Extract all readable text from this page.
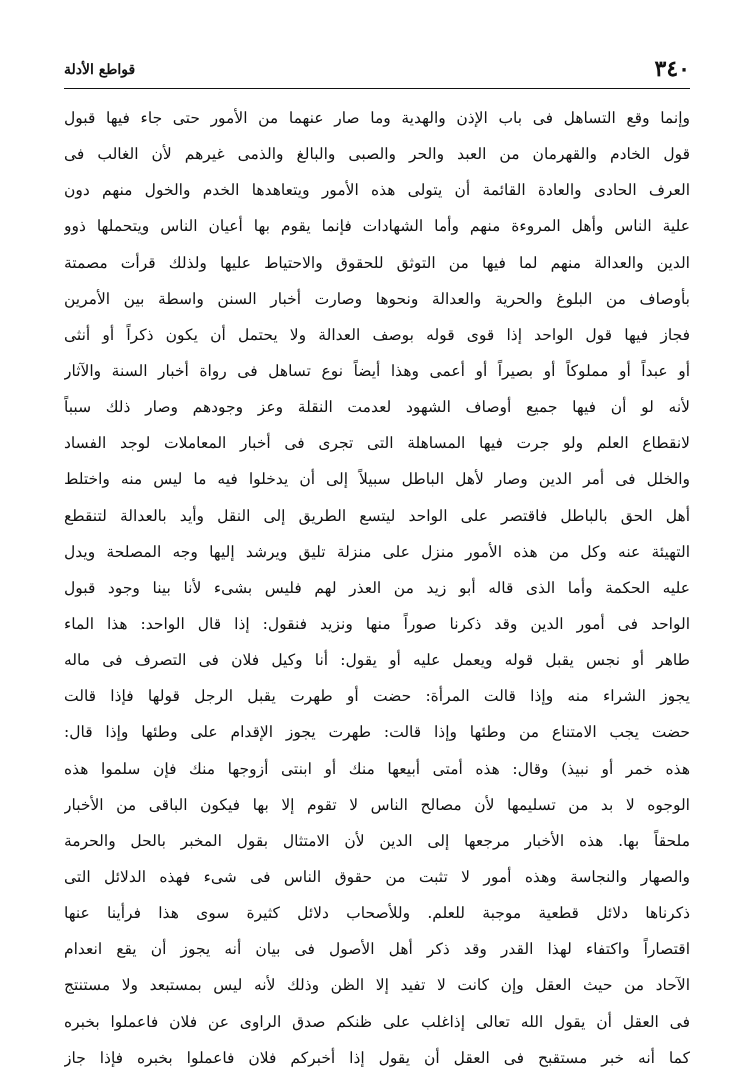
٣٤٠
قواطع الأدلة
وإنما وقع التساهل فى باب الإذن والهدية وما صار عنهما من الأمور حتى جاء فيها قبول
قول الخادم والقهرمان من العبد والحر والصبى والبالغ والذمى غيرهم لأن الغالب فى
العرف الحادى والعادة القائمة أن يتولى هذه الأمور ويتعاهدها الخدم والخول منهم دون
علية الناس وأهل المروءة منهم وأما الشهادات فإنما يقوم بها أعيان الناس ويتحملها ذوو
الدين والعدالة منهم لما فيها من التوثق للحقوق والاحتياط عليها ولذلك قرأت مصمتة
بأوصاف من البلوغ والحرية والعدالة ونحوها وصارت أخبار السنن واسطة بين الأمرين
فجاز فيها قول الواحد إذا قوى قوله بوصف العدالة ولا يحتمل أن يكون ذكراً أو أنثى
أو عبداً أو مملوكاً أو بصيراً أو أعمى وهذا أيضاً نوع تساهل فى رواة أخبار السنة والآثار
لأنه لو أن فيها جميع أوصاف الشهود لعدمت النقلة وعز وجودهم وصار ذلك سبباً
لانقطاع العلم ولو جرت فيها المساهلة التى تجرى فى أخبار المعاملات لوجد الفساد
والخلل فى أمر الدين وصار لأهل الباطل سبيلاً إلى أن يدخلوا فيه ما ليس منه واختلط
أهل الحق بالباطل فاقتصر على الواحد ليتسع الطريق إلى النقل وأيد بالعدالة لتنقطع
التهيئة عنه وكل من هذه الأمور منزل على منزلة تليق ويرشد إليها وجه المصلحة ويدل
عليه الحكمة وأما الذى قاله أبو زيد من العذر لهم فليس بشىء لأنا بينا وجود قبول
الواحد فى أمور الدين وقد ذكرنا صوراً منها ونزيد فنقول: إذا قال الواحد: هذا الماء
طاهر أو نجس يقبل قوله ويعمل عليه أو يقول: أنا وكيل فلان فى التصرف فى ماله
يجوز الشراء منه وإذا قالت المرأة: حضت أو طهرت يقبل الرجل قولها فإذا قالت
حضت يجب الامتناع من وطئها وإذا قالت: طهرت يجوز الإقدام على وطئها وإذا قال:
هذه خمر أو نبيذ) وقال: هذه أمتى أبيعها منك أو ابنتى أزوجها منك فإن سلموا هذه
الوجوه لا بد من تسليمها لأن مصالح الناس لا تقوم إلا بها فيكون الباقى من الأخبار
ملحقاً بها. هذه الأخبار مرجعها إلى الدين لأن الامتثال بقول المخبر بالحل والحرمة
والصهار والنجاسة وهذه أمور لا تثبت من حقوق الناس فى شىء فهذه الدلائل التى
ذكرناها دلائل قطعية موجبة للعلم. وللأصحاب دلائل كثيرة سوى هذا فرأينا عنها
اقتصاراً واكتفاء لهذا القدر وقد ذكر أهل الأصول فى بيان أنه يجوز أن يقع انعدام
الآحاد من حيث العقل وإن كانت لا تفيد إلا الظن وذلك لأنه ليس بمستبعد ولا مستنتج
فى العقل أن يقول الله تعالى إذاغلب على ظنكم صدق الراوى عن فلان فاعملوا بخبره
كما أنه خبر مستقبح فى العقل أن يقول إذا أخبركم فلان فاعملوا بخبره فإذا جاز
